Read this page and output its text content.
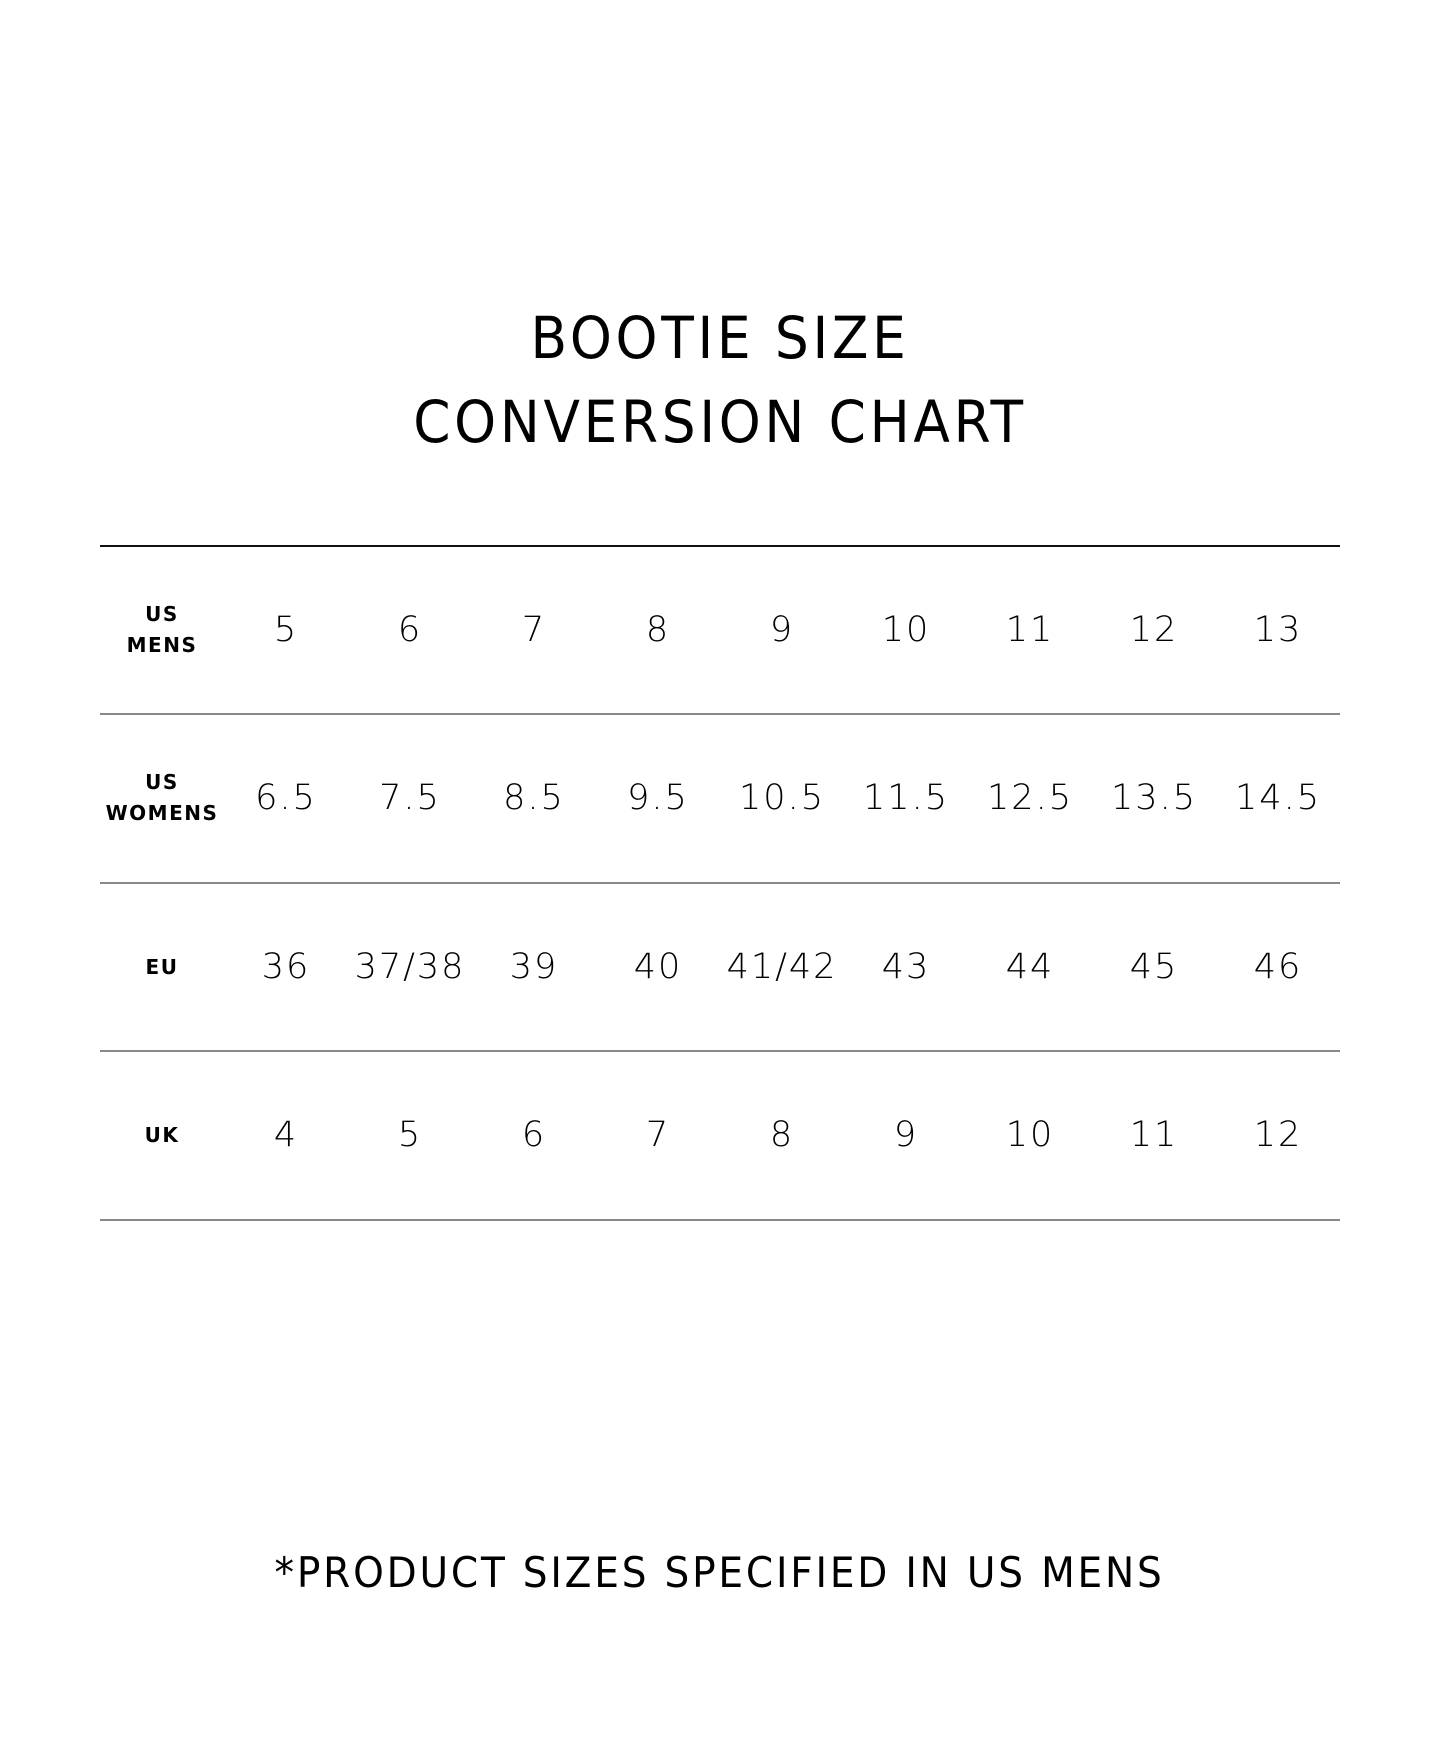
BOOTIE SIZE
CONVERSION CHART
US
MENS	5	6	7	8	9	10	11	12	13
US
WOMENS	6.5	7.5	8.5	9.5	10.5	11.5	12.5	13.5	14.5
EU	36	37/38	39	40	41/42	43	44	45	46
UK	4	5	6	7	8	9	10	11	12
*PRODUCT SIZES SPECIFIED IN US MENS
